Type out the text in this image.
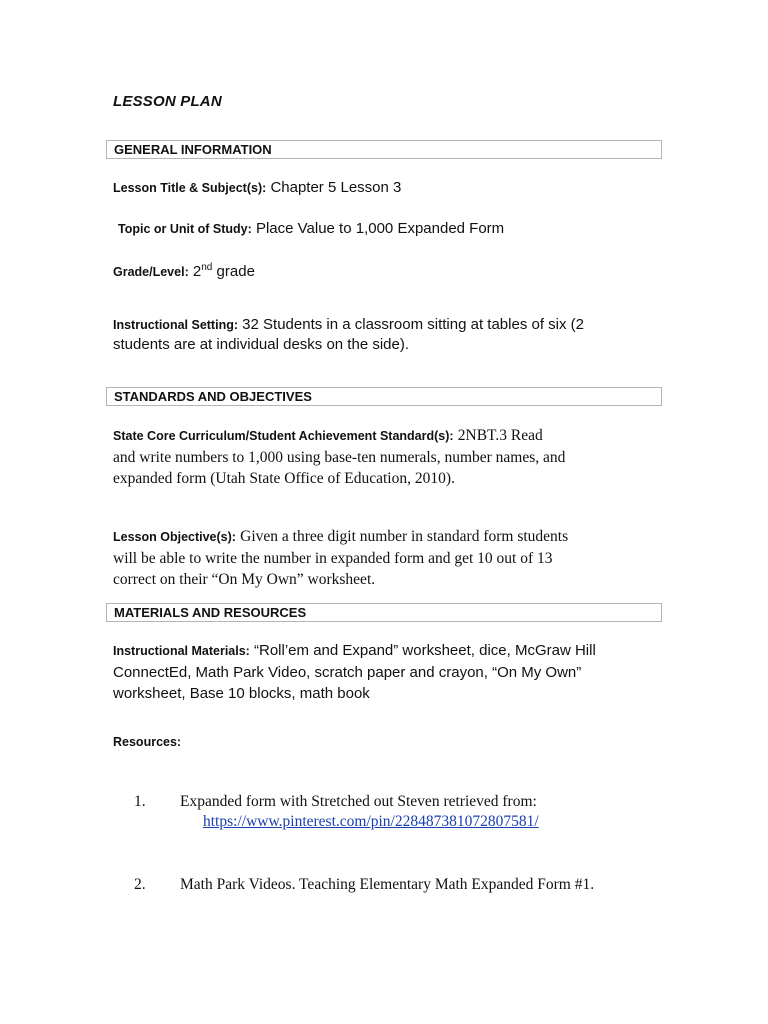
LESSON PLAN
GENERAL INFORMATION
Lesson Title & Subject(s): Chapter 5 Lesson 3
Topic or Unit of Study: Place Value to 1,000 Expanded Form
Grade/Level: 2nd grade
Instructional Setting: 32 Students in a classroom sitting at tables of six (2
students are at individual desks on the side).
STANDARDS AND OBJECTIVES
State Core Curriculum/Student Achievement Standard(s): 2NBT.3 Read
and write numbers to 1,000 using base-ten numerals, number names, and
expanded form (Utah State Office of Education, 2010).
Lesson Objective(s): Given a three digit number in standard form students
will be able to write the number in expanded form and get 10 out of 13
correct on their “On My Own” worksheet.
MATERIALS AND RESOURCES
Instructional Materials: “Roll’em and Expand” worksheet, dice, McGraw Hill
ConnectEd, Math Park Video, scratch paper and crayon, “On My Own”
worksheet, Base 10 blocks, math book
Resources:
1. Expanded form with Stretched out Steven retrieved from:
https://www.pinterest.com/pin/228487381072807581/
2. Math Park Videos. Teaching Elementary Math Expanded Form #1.
